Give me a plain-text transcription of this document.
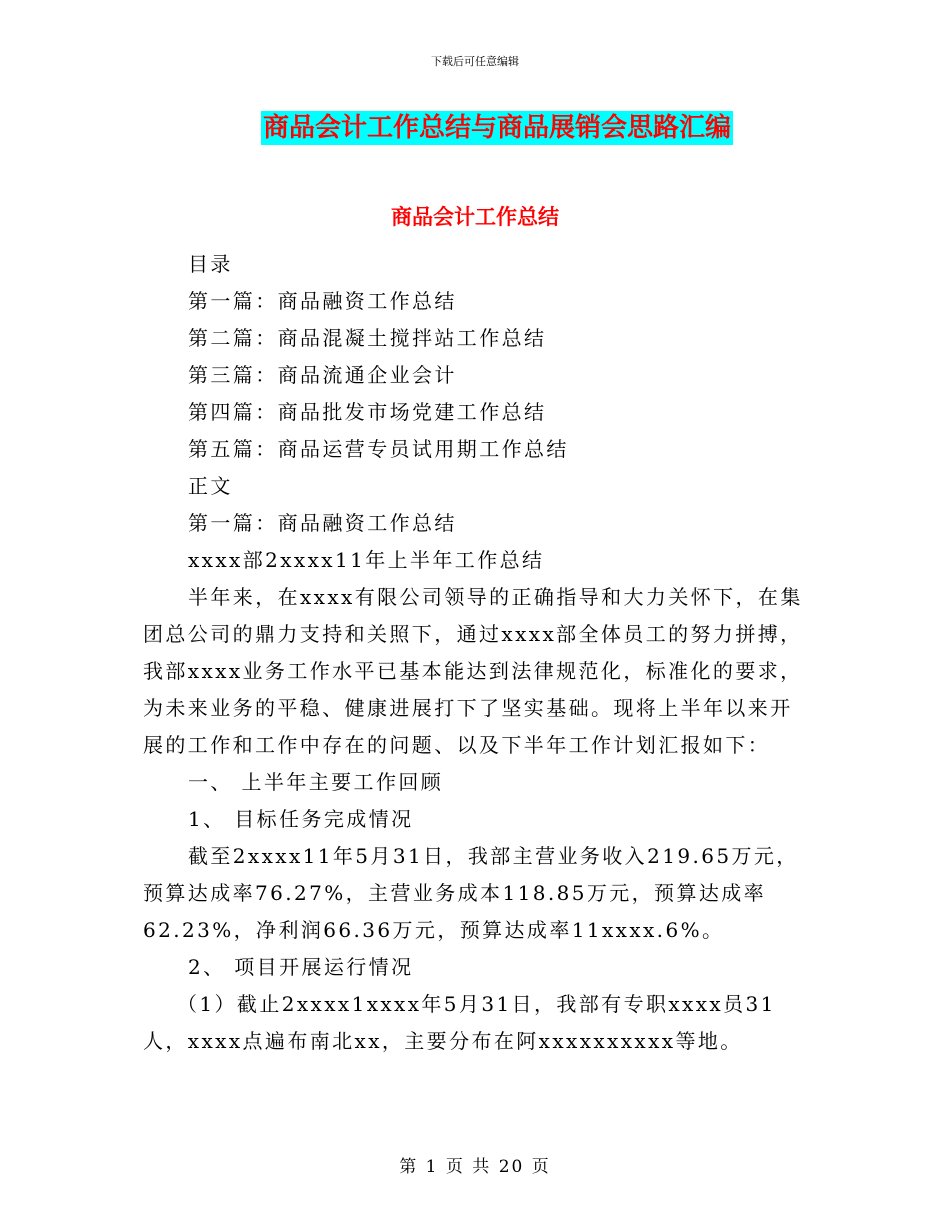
下载后可任意编辑
商品会计工作总结与商品展销会思路汇编
商品会计工作总结

目录

第一篇：商品融资工作总结

第二篇：商品混凝土搅拌站工作总结

第三篇：商品流通企业会计

第四篇：商品批发市场党建工作总结

第五篇：商品运营专员试用期工作总结

正文

第一篇：商品融资工作总结

xxxx部2xxxx11年上半年工作总结

半年来，在xxxx有限公司领导的正确指导和大力关怀下，在集团总公司的鼎力支持和关照下，通过xxxx部全体员工的努力拼搏，我部xxxx业务工作水平已基本能达到法律规范化，标准化的要求，为未来业务的平稳、健康进展打下了坚实基础。现将上半年以来开展的工作和工作中存在的问题、以及下半年工作计划汇报如下：

一、 上半年主要工作回顾

1、 目标任务完成情况

截至2xxxx11年5月31日，我部主营业务收入219.65万元，预算达成率76.27%，主营业务成本118.85万元，预算达成率62.23%，净利润66.36万元，预算达成率11xxxx.6%。

2、 项目开展运行情况

（1）截止2xxxx1xxxx年5月31日，我部有专职xxxx员31人，xxxx点遍布南北xx，主要分布在阿xxxxxxxxxx等地。

第 1 页 共 20 页
